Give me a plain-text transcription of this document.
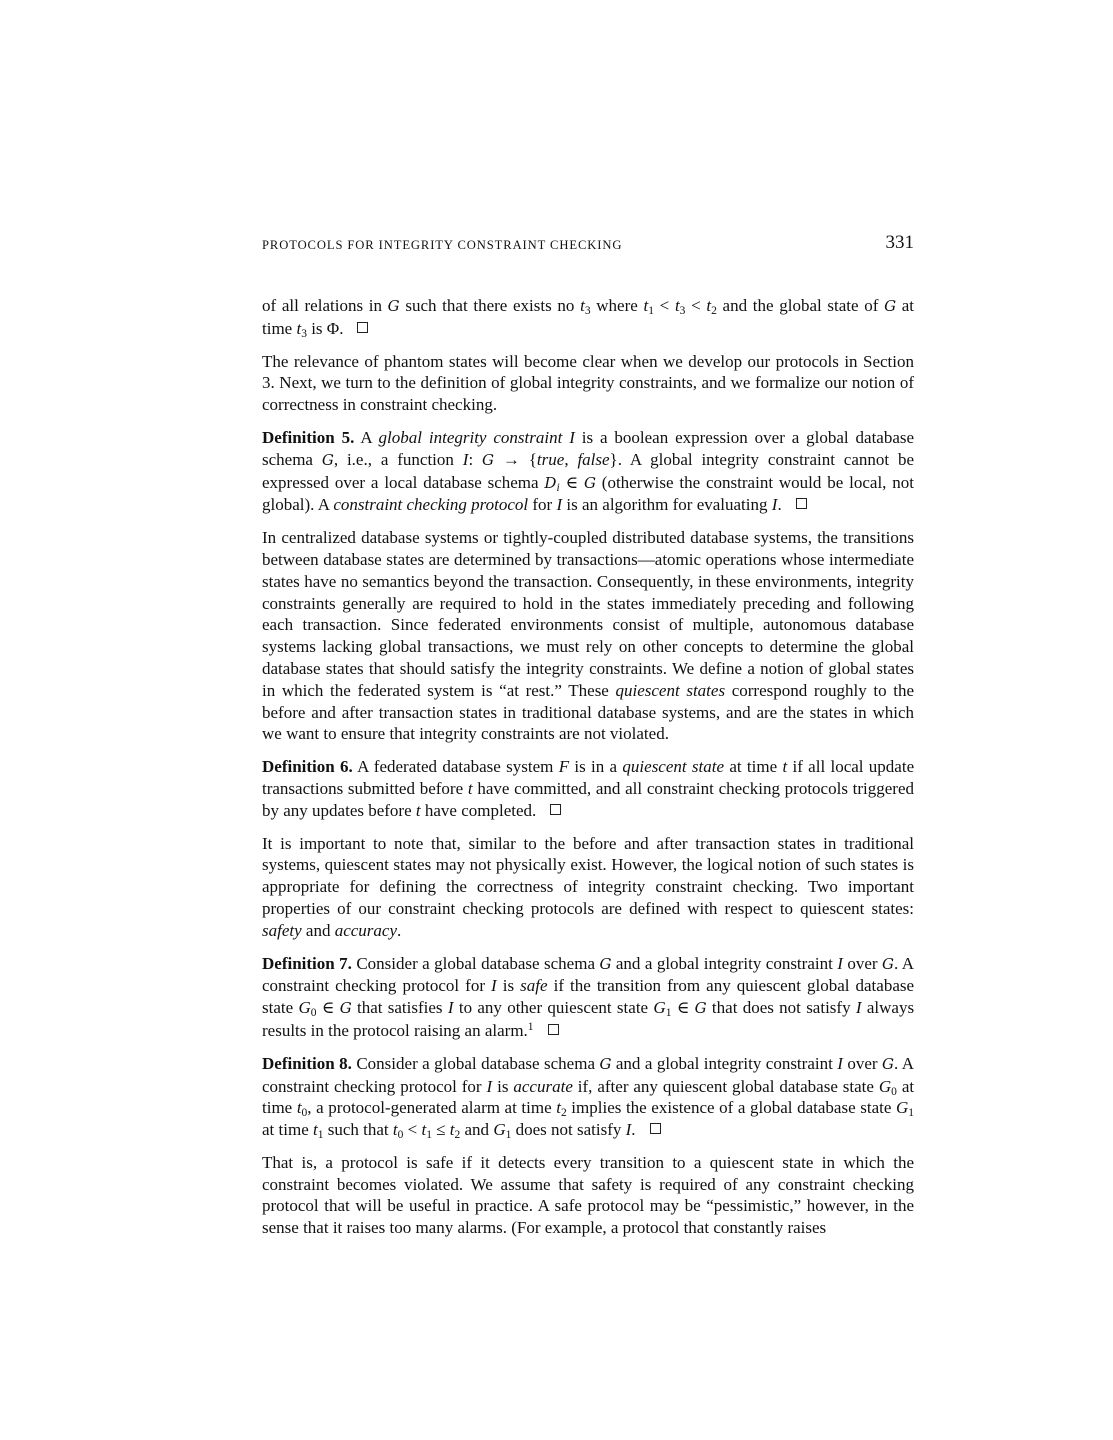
PROTOCOLS FOR INTEGRITY CONSTRAINT CHECKING	331

of all relations in G such that there exists no $t_3$ where $t_1 < t_3 < t_2$ and the global state of G at time $t_3$ is Φ.

The relevance of phantom states will become clear when we develop our protocols in Section 3. Next, we turn to the definition of global integrity constraints, and we formalize our notion of correctness in constraint checking.

Definition 5. A global integrity constraint I is a boolean expression over a global database schema G, i.e., a function I: G → {true, false}. A global integrity constraint cannot be expressed over a local database schema $D_i$ ∈ G (otherwise the constraint would be local, not global). A constraint checking protocol for I is an algorithm for evaluating I.

In centralized database systems or tightly-coupled distributed database systems, the transitions between database states are determined by transactions—atomic operations whose intermediate states have no semantics beyond the transaction. Consequently, in these environments, integrity constraints generally are required to hold in the states immediately preceding and following each transaction. Since federated environments consist of multiple, autonomous database systems lacking global transactions, we must rely on other concepts to determine the global database states that should satisfy the integrity constraints. We define a notion of global states in which the federated system is “at rest.” These quiescent states correspond roughly to the before and after transaction states in traditional database systems, and are the states in which we want to ensure that integrity constraints are not violated.

Definition 6. A federated database system F is in a quiescent state at time t if all local update transactions submitted before t have committed, and all constraint checking protocols triggered by any updates before t have completed.

It is important to note that, similar to the before and after transaction states in traditional systems, quiescent states may not physically exist. However, the logical notion of such states is appropriate for defining the correctness of integrity constraint checking. Two important properties of our constraint checking protocols are defined with respect to quiescent states: safety and accuracy.

Definition 7. Consider a global database schema G and a global integrity constraint I over G. A constraint checking protocol for I is safe if the transition from any quiescent global database state $G_0$ ∈ G that satisfies I to any other quiescent state $G_1$ ∈ G that does not satisfy I always results in the protocol raising an alarm.$^1$

Definition 8. Consider a global database schema G and a global integrity constraint I over G. A constraint checking protocol for I is accurate if, after any quiescent global database state $G_0$ at time $t_0$, a protocol-generated alarm at time $t_2$ implies the existence of a global database state $G_1$ at time $t_1$ such that $t_0 < t_1 \le t_2$ and $G_1$ does not satisfy I.

That is, a protocol is safe if it detects every transition to a quiescent state in which the constraint becomes violated. We assume that safety is required of any constraint checking protocol that will be useful in practice. A safe protocol may be “pessimistic,” however, in the sense that it raises too many alarms. (For example, a protocol that constantly raises
